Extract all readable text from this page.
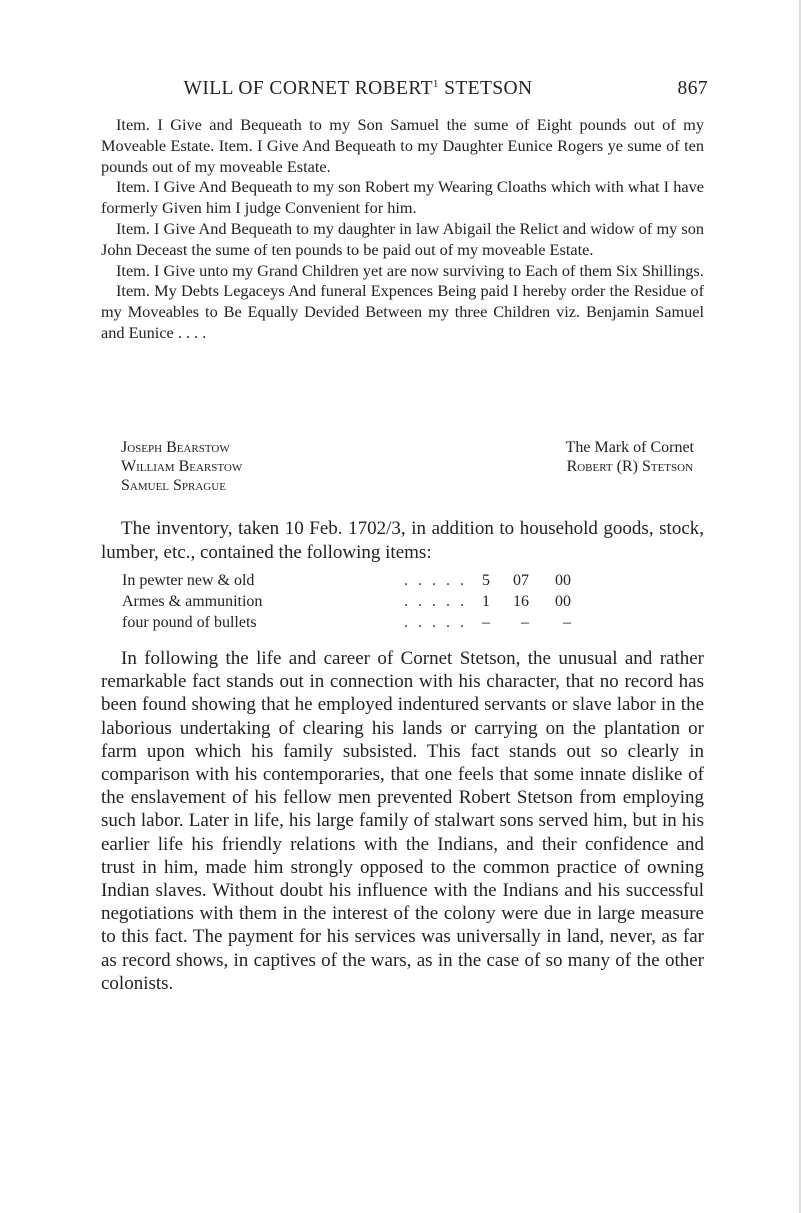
WILL OF CORNET ROBERT$^1$ STETSON	867

Item. I Give and Bequeath to my Son Samuel the sume of Eight pounds out of my Moveable Estate. Item. I Give And Bequeath to my Daughter Eunice Rogers ye sume of ten pounds out of my moveable Estate.

Item. I Give And Bequeath to my son Robert my Wearing Cloaths which with what I have formerly Given him I judge Convenient for him.

Item. I Give And Bequeath to my daughter in law Abigail the Relict and widow of my son John Deceast the sume of ten pounds to be paid out of my moveable Estate.

Item. I Give unto my Grand Children yet are now surviving to Each of them Six Shillings.

Item. My Debts Legaceys And funeral Expences Being paid I hereby order the Residue of my Moveables to Be Equally Devided Between my three Children viz. Benjamin Samuel and Eunice . . . .

Joseph Bearstow
William Bearstow
Samuel Sprague
The Mark of Cornet
Robert (R) Stetson

The inventory, taken 10 Feb. 1702/3, in addition to household goods, stock, lumber, etc., contained the following items:

In pewter new & old	. . . . . 5	07	00
Armes & ammunition	. . . . . 1	16	00
four pound of bullets	. . . . . –	–	–

In following the life and career of Cornet Stetson, the unusual and rather remarkable fact stands out in connection with his character, that no record has been found showing that he employed indentured servants or slave labor in the laborious undertaking of clearing his lands or carrying on the plantation or farm upon which his family subsisted. This fact stands out so clearly in comparison with his contemporaries, that one feels that some innate dislike of the enslavement of his fellow men prevented Robert Stetson from employing such labor. Later in life, his large family of stalwart sons served him, but in his earlier life his friendly relations with the Indians, and their confidence and trust in him, made him strongly opposed to the common practice of owning Indian slaves. Without doubt his influence with the Indians and his successful negotiations with them in the interest of the colony were due in large measure to this fact. The payment for his services was universally in land, never, as far as record shows, in captives of the wars, as in the case of so many of the other colonists.
